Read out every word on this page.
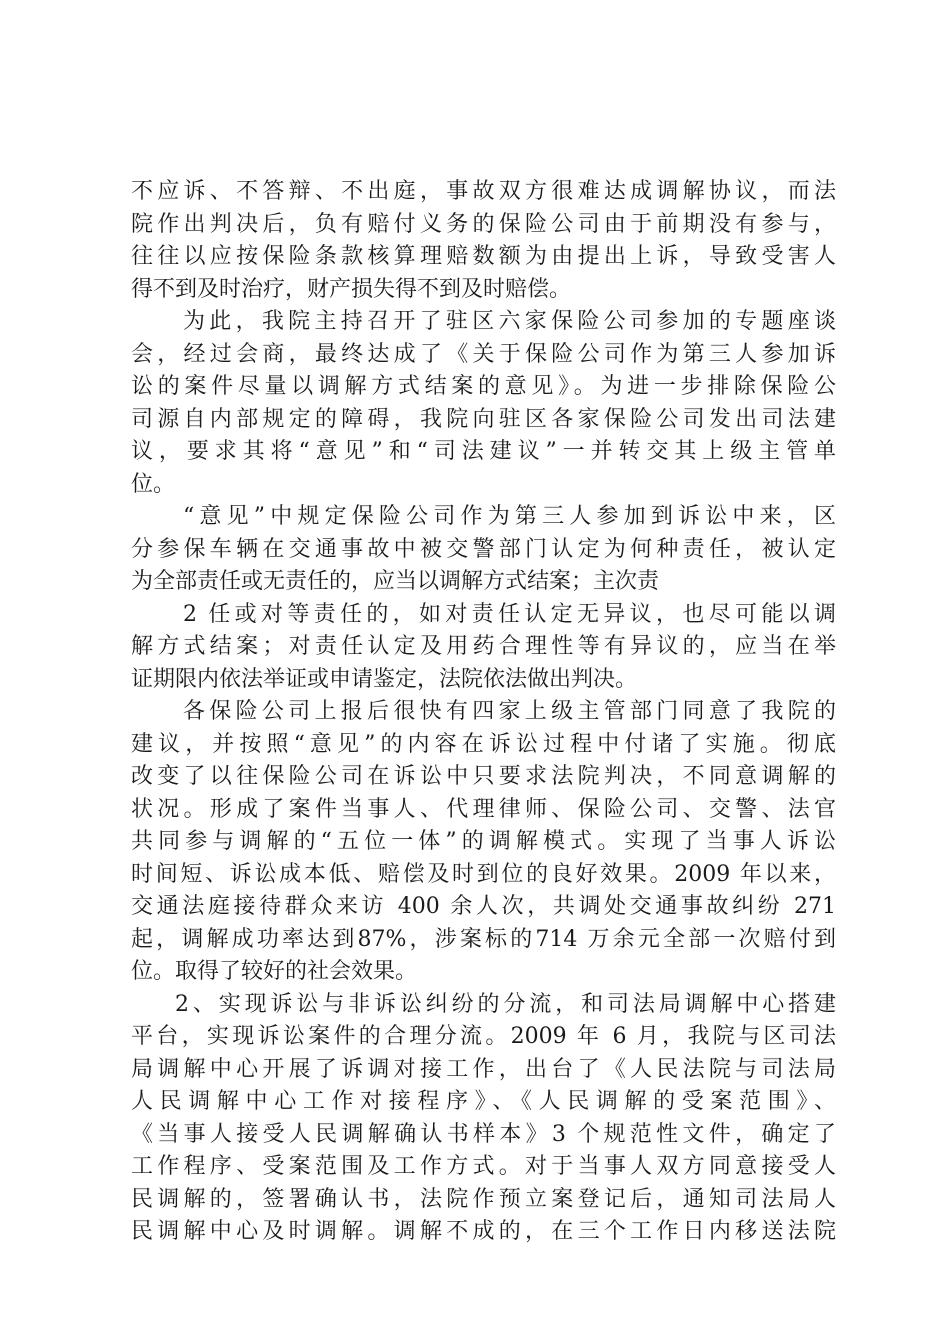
不应诉、不答辩、不出庭，事故双方很难达成调解协议，而法
院作出判决后，负有赔付义务的保险公司由于前期没有参与，
往往以应按保险条款核算理赔数额为由提出上诉，导致受害人
得不到及时治疗，财产损失得不到及时赔偿。
为此，我院主持召开了驻区六家保险公司参加的专题座谈
会，经过会商，最终达成了《关于保险公司作为第三人参加诉
讼的案件尽量以调解方式结案的意见》。为进一步排除保险公
司源自内部规定的障碍，我院向驻区各家保险公司发出司法建
议，要求其将“意见”和“司法建议”一并转交其上级主管单
位。
“意见”中规定保险公司作为第三人参加到诉讼中来，区
分参保车辆在交通事故中被交警部门认定为何种责任，被认定
为全部责任或无责任的，应当以调解方式结案；主次责
2 任或对等责任的，如对责任认定无异议，也尽可能以调
解方式结案；对责任认定及用药合理性等有异议的，应当在举
证期限内依法举证或申请鉴定，法院依法做出判决。
各保险公司上报后很快有四家上级主管部门同意了我院的
建议，并按照“意见”的内容在诉讼过程中付诸了实施。彻底
改变了以往保险公司在诉讼中只要求法院判决，不同意调解的
状况。形成了案件当事人、代理律师、保险公司、交警、法官
共同参与调解的“五位一体”的调解模式。实现了当事人诉讼
时间短、诉讼成本低、赔偿及时到位的良好效果。2009 年以来，
交通法庭接待群众来访 400 余人次，共调处交通事故纠纷 271
起，调解成功率达到87%，涉案标的714 万余元全部一次赔付到
位。取得了较好的社会效果。
2、实现诉讼与非诉讼纠纷的分流，和司法局调解中心搭建
平台，实现诉讼案件的合理分流。2009 年 6 月，我院与区司法
局调解中心开展了诉调对接工作，出台了《人民法院与司法局
人民调解中心工作对接程序》、《人民调解的受案范围》、
《当事人接受人民调解确认书样本》3 个规范性文件，确定了
工作程序、受案范围及工作方式。对于当事人双方同意接受人
民调解的，签署确认书，法院作预立案登记后，通知司法局人
民调解中心及时调解。调解不成的，在三个工作日内移送法院
